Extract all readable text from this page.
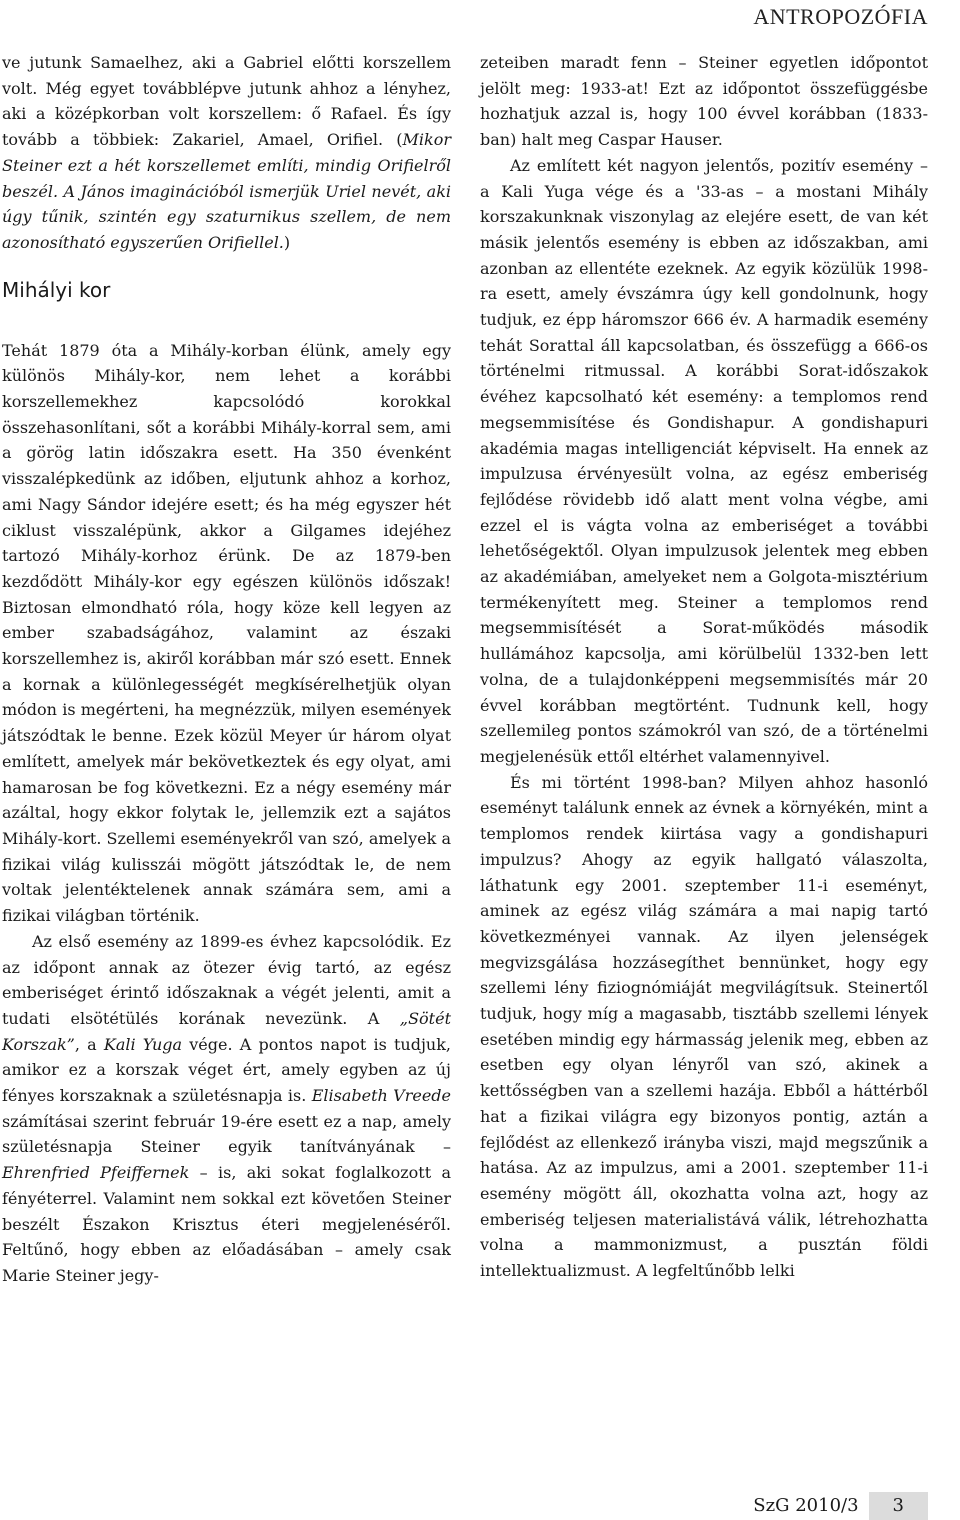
ANTROPOZÓFIA

ve jutunk Samaelhez, aki a Gabriel előtti korszellem volt. Még egyet továbblépve jutunk ahhoz a lényhez, aki a középkorban volt korszellem: ő Rafael. És így tovább a többiek: Zakariel, Amael, Orifiel. (Mikor Steiner ezt a hét korszellemet említi, mindig Orifielről beszél. A János imaginációból ismerjük Uriel nevét, aki úgy tűnik, szintén egy szaturnikus szellem, de nem azonosítható egyszerűen Orifiellel.)

Mihályi kor

Tehát 1879 óta a Mihály-korban élünk, amely egy különös Mihály-kor, nem lehet a korábbi korszellemekhez kapcsolódó korokkal összehasonlítani, sőt a korábbi Mihály-korral sem, ami a görög latin időszakra esett. Ha 350 évenként visszalépkedünk az időben, eljutunk ahhoz a korhoz, ami Nagy Sándor idejére esett; és ha még egyszer hét ciklust visszalépünk, akkor a Gilgames idejéhez tartozó Mihály-korhoz érünk. De az 1879-ben kezdődött Mihály-kor egy egészen különös időszak! Biztosan elmondható róla, hogy köze kell legyen az ember szabadságához, valamint az északi korszellemhez is, akiről korábban már szó esett. Ennek a kornak a különlegességét megkísérelhetjük olyan módon is megérteni, ha megnézzük, milyen események játszódtak le benne. Ezek közül Meyer úr három olyat említett, amelyek már bekövetkeztek és egy olyat, ami hamarosan be fog következni. Ez a négy esemény már azáltal, hogy ekkor folytak le, jellemzik ezt a sajátos Mihály-kort. Szellemi eseményekről van szó, amelyek a fizikai világ kulisszái mögött játszódtak le, de nem voltak jelentéktelenek annak számára sem, ami a fizikai világban történik.

Az első esemény az 1899-es évhez kapcsolódik. Ez az időpont annak az ötezer évig tartó, az egész emberiséget érintő időszaknak a végét jelenti, amit a tudati elsötétülés korának nevezünk. A „Sötét Korszak”, a Kali Yuga vége. A pontos napot is tudjuk, amikor ez a korszak véget ért, amely egyben az új fényes korszaknak a születésnapja is. Elisabeth Vreede számításai szerint február 19-ére esett ez a nap, amely születésnapja Steiner egyik tanítványának – Ehrenfried Pfeiffernek – is, aki sokat foglalkozott a fényéterrel. Valamint nem sokkal ezt követően Steiner beszélt Északon Krisztus éteri megjelenéséről. Feltűnő, hogy ebben az előadásában – amely csak Marie Steiner jegy-

zeteiben maradt fenn – Steiner egyetlen időpontot jelölt meg: 1933-at! Ezt az időpontot összefüggésbe hozhatjuk azzal is, hogy 100 évvel korábban (1833-ban) halt meg Caspar Hauser.

Az említett két nagyon jelentős, pozitív esemény – a Kali Yuga vége és a '33-as – a mostani Mihály korszakunknak viszonylag az elejére esett, de van két másik jelentős esemény is ebben az időszakban, ami azonban az ellentéte ezeknek. Az egyik közülük 1998-ra esett, amely évszámra úgy kell gondolnunk, hogy tudjuk, ez épp háromszor 666 év. A harmadik esemény tehát Sorattal áll kapcsolatban, és összefügg a 666-os történelmi ritmussal. A korábbi Sorat-időszakok évéhez kapcsolható két esemény: a templomos rend megsemmisítése és Gondishapur. A gondishapuri akadémia magas intelligenciát képviselt. Ha ennek az impulzusa érvényesült volna, az egész emberiség fejlődése rövidebb idő alatt ment volna végbe, ami ezzel el is vágta volna az emberiséget a további lehetőségektől. Olyan impulzusok jelentek meg ebben az akadémiában, amelyeket nem a Golgota-misztérium termékenyített meg. Steiner a templomos rend megsemmisítését a Sorat-működés második hullámához kapcsolja, ami körülbelül 1332-ben lett volna, de a tulajdonképpeni megsemmisítés már 20 évvel korábban megtörtént. Tudnunk kell, hogy szellemileg pontos számokról van szó, de a történelmi megjelenésük ettől eltérhet valamennyivel.

És mi történt 1998-ban? Milyen ahhoz hasonló eseményt találunk ennek az évnek a környékén, mint a templomos rendek kiirtása vagy a gondishapuri impulzus? Ahogy az egyik hallgató válaszolta, láthatunk egy 2001. szeptember 11-i eseményt, aminek az egész világ számára a mai napig tartó következményei vannak. Az ilyen jelenségek megvizsgálása hozzásegíthet bennünket, hogy egy szellemi lény fiziognómiáját megvilágítsuk. Steinertől tudjuk, hogy míg a magasabb, tisztább szellemi lények esetében mindig egy hármasság jelenik meg, ebben az esetben egy olyan lényről van szó, akinek a kettősségben van a szellemi hazája. Ebből a háttérből hat a fizikai világra egy bizonyos pontig, aztán a fejlődést az ellenkező irányba viszi, majd megszűnik a hatása. Az az impulzus, ami a 2001. szeptember 11-i esemény mögött áll, okozhatta volna azt, hogy az emberiség teljesen materialistává válik, létrehozhatta volna a mammonizmust, a pusztán földi intellektualizmust. A legfeltűnőbb lelki

SzG 2010/3	3
